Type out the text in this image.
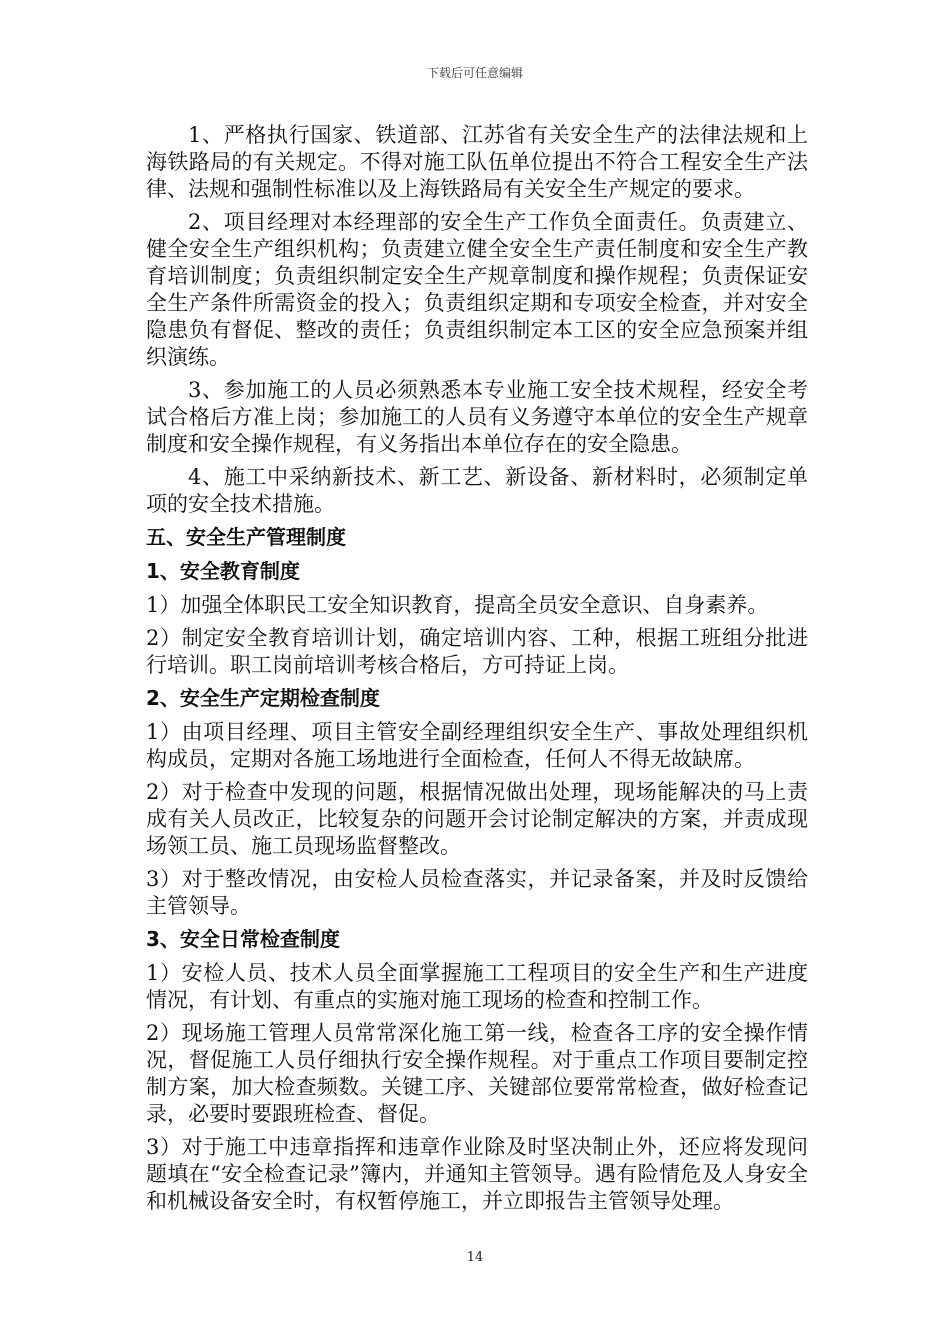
下载后可任意编辑

1、严格执行国家、铁道部、江苏省有关安全生产的法律法规和上海铁路局的有关规定。不得对施工队伍单位提出不符合工程安全生产法律、法规和强制性标准以及上海铁路局有关安全生产规定的要求。

2、项目经理对本经理部的安全生产工作负全面责任。负责建立、健全安全生产组织机构；负责建立健全安全生产责任制度和安全生产教育培训制度；负责组织制定安全生产规章制度和操作规程；负责保证安全生产条件所需资金的投入；负责组织定期和专项安全检查，并对安全隐患负有督促、整改的责任；负责组织制定本工区的安全应急预案并组织演练。

3、参加施工的人员必须熟悉本专业施工安全技术规程，经安全考试合格后方准上岗；参加施工的人员有义务遵守本单位的安全生产规章制度和安全操作规程，有义务指出本单位存在的安全隐患。

4、施工中采纳新技术、新工艺、新设备、新材料时，必须制定单项的安全技术措施。

五、安全生产管理制度
1、安全教育制度

1）加强全体职民工安全知识教育，提高全员安全意识、自身素养。

2）制定安全教育培训计划，确定培训内容、工种，根据工班组分批进行培训。职工岗前培训考核合格后，方可持证上岗。

2、安全生产定期检查制度

1）由项目经理、项目主管安全副经理组织安全生产、事故处理组织机构成员，定期对各施工场地进行全面检查，任何人不得无故缺席。

2）对于检查中发现的问题，根据情况做出处理，现场能解决的马上责成有关人员改正，比较复杂的问题开会讨论制定解决的方案，并责成现场领工员、施工员现场监督整改。

3）对于整改情况，由安检人员检查落实，并记录备案，并及时反馈给主管领导。

3、安全日常检查制度

1）安检人员、技术人员全面掌握施工工程项目的安全生产和生产进度情况，有计划、有重点的实施对施工现场的检查和控制工作。

2）现场施工管理人员常常深化施工第一线，检查各工序的安全操作情况，督促施工人员仔细执行安全操作规程。对于重点工作项目要制定控制方案，加大检查频数。关键工序、关键部位要常常检查，做好检查记录，必要时要跟班检查、督促。

3）对于施工中违章指挥和违章作业除及时坚决制止外，还应将发现问题填在“安全检查记录”簿内，并通知主管领导。遇有险情危及人身安全和机械设备安全时，有权暂停施工，并立即报告主管领导处理。

14
